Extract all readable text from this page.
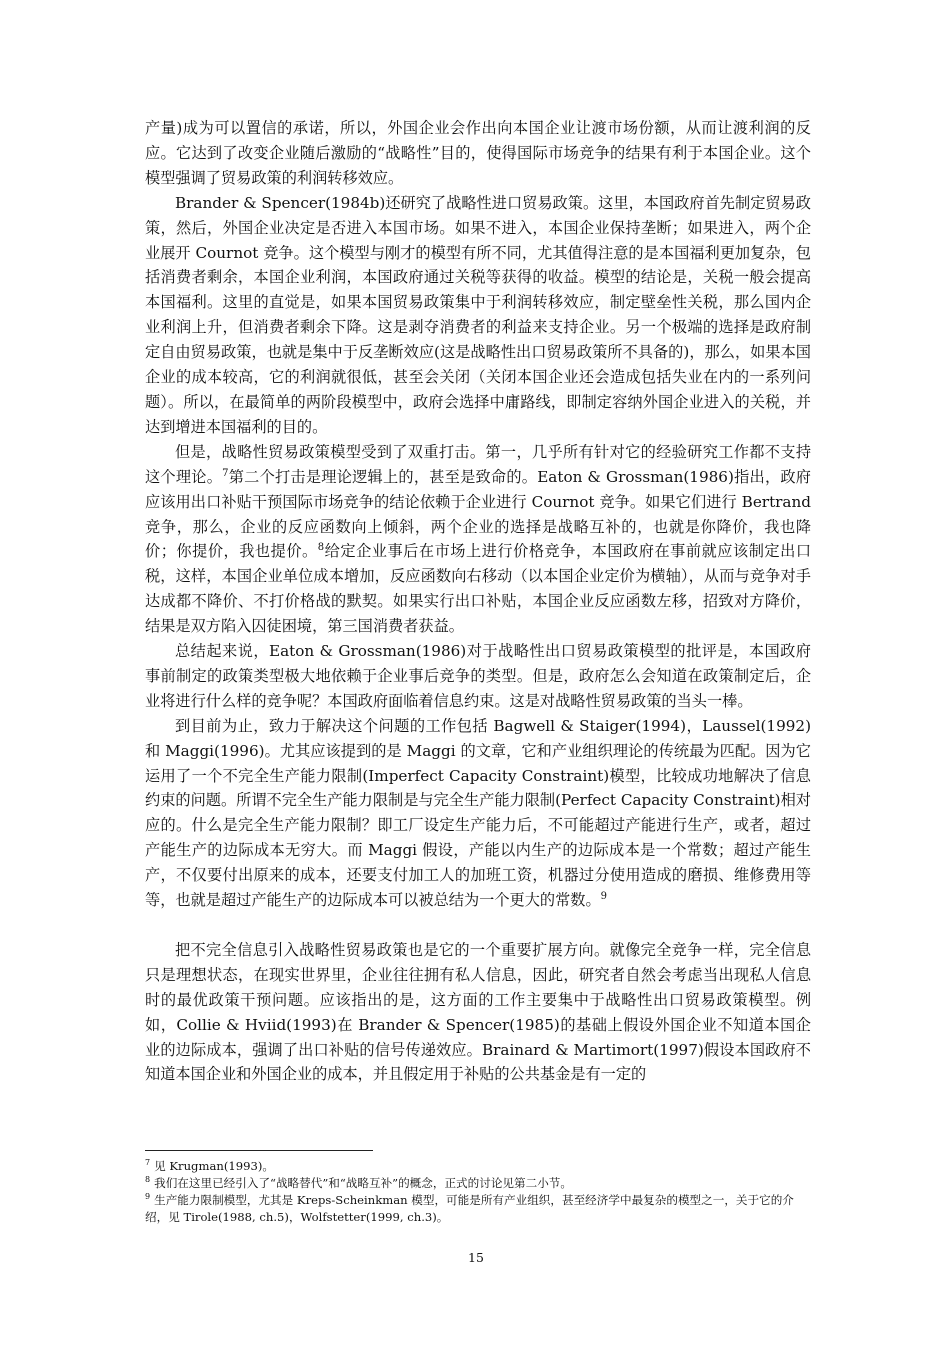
产量)成为可以置信的承诺，所以，外国企业会作出向本国企业让渡市场份额，从而让渡利润的反应。它达到了改变企业随后激励的“战略性”目的，使得国际市场竞争的结果有利于本国企业。这个模型强调了贸易政策的利润转移效应。

Brander & Spencer(1984b)还研究了战略性进口贸易政策。这里，本国政府首先制定贸易政策，然后，外国企业决定是否进入本国市场。如果不进入，本国企业保持垄断；如果进入，两个企业展开 Cournot 竞争。这个模型与刚才的模型有所不同，尤其值得注意的是本国福利更加复杂，包括消费者剩余，本国企业利润，本国政府通过关税等获得的收益。模型的结论是，关税一般会提高本国福利。这里的直觉是，如果本国贸易政策集中于利润转移效应，制定壁垒性关税，那么国内企业利润上升，但消费者剩余下降。这是剥夺消费者的利益来支持企业。另一个极端的选择是政府制定自由贸易政策，也就是集中于反垄断效应(这是战略性出口贸易政策所不具备的)，那么，如果本国企业的成本较高，它的利润就很低，甚至会关闭（关闭本国企业还会造成包括失业在内的一系列问题）。所以，在最简单的两阶段模型中，政府会选择中庸路线，即制定容纳外国企业进入的关税，并达到增进本国福利的目的。

但是，战略性贸易政策模型受到了双重打击。第一，几乎所有针对它的经验研究工作都不支持这个理论。$^7$第二个打击是理论逻辑上的，甚至是致命的。Eaton & Grossman(1986)指出，政府应该用出口补贴干预国际市场竞争的结论依赖于企业进行 Cournot 竞争。如果它们进行 Bertrand 竞争，那么，企业的反应函数向上倾斜，两个企业的选择是战略互补的，也就是你降价，我也降价；你提价，我也提价。$^8$给定企业事后在市场上进行价格竞争，本国政府在事前就应该制定出口税，这样，本国企业单位成本增加，反应函数向右移动（以本国企业定价为横轴），从而与竞争对手达成都不降价、不打价格战的默契。如果实行出口补贴，本国企业反应函数左移，招致对方降价，结果是双方陷入囚徒困境，第三国消费者获益。

总结起来说，Eaton & Grossman(1986)对于战略性出口贸易政策模型的批评是，本国政府事前制定的政策类型极大地依赖于企业事后竞争的类型。但是，政府怎么会知道在政策制定后，企业将进行什么样的竞争呢？本国政府面临着信息约束。这是对战略性贸易政策的当头一棒。

到目前为止，致力于解决这个问题的工作包括 Bagwell & Staiger(1994)，Laussel(1992)和 Maggi(1996)。尤其应该提到的是 Maggi 的文章，它和产业组织理论的传统最为匹配。因为它运用了一个不完全生产能力限制(Imperfect Capacity Constraint)模型，比较成功地解决了信息约束的问题。所谓不完全生产能力限制是与完全生产能力限制(Perfect Capacity Constraint)相对应的。什么是完全生产能力限制？即工厂设定生产能力后，不可能超过产能进行生产，或者，超过产能生产的边际成本无穷大。而 Maggi 假设，产能以内生产的边际成本是一个常数；超过产能生产，不仅要付出原来的成本，还要支付加工人的加班工资，机器过分使用造成的磨损、维修费用等等，也就是超过产能生产的边际成本可以被总结为一个更大的常数。$^9$

把不完全信息引入战略性贸易政策也是它的一个重要扩展方向。就像完全竞争一样，完全信息只是理想状态，在现实世界里，企业往往拥有私人信息，因此，研究者自然会考虑当出现私人信息时的最优政策干预问题。应该指出的是，这方面的工作主要集中于战略性出口贸易政策模型。例如，Collie & Hviid(1993)在 Brander & Spencer(1985)的基础上假设外国企业不知道本国企业的边际成本，强调了出口补贴的信号传递效应。Brainard & Martimort(1997)假设本国政府不知道本国企业和外国企业的成本，并且假定用于补贴的公共基金是有一定的

$^7$ 见 Krugman(1993)。

$^8$ 我们在这里已经引入了“战略替代”和“战略互补”的概念，正式的讨论见第二小节。

$^9$ 生产能力限制模型，尤其是 Kreps-Scheinkman 模型，可能是所有产业组织，甚至经济学中最复杂的模型之一，关于它的介绍，见 Tirole(1988, ch.5)，Wolfstetter(1999, ch.3)。

15
